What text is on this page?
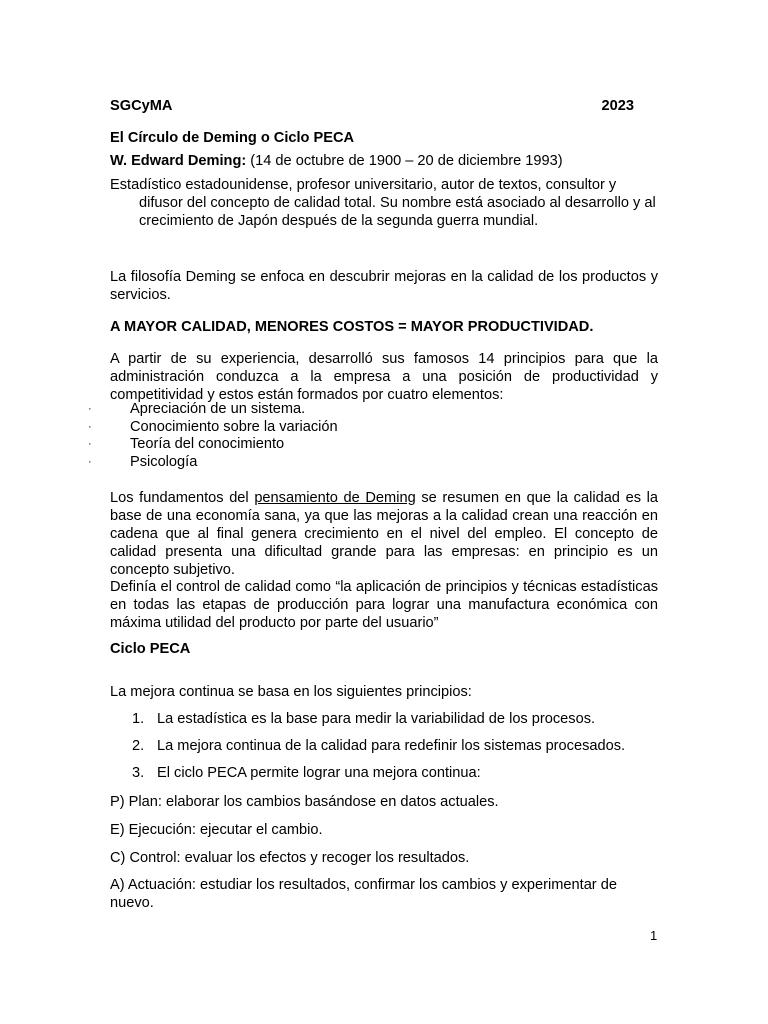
SGCyMA	2023

El Círculo de Deming o Ciclo PECA

W. Edward Deming: (14 de octubre de 1900 – 20 de diciembre 1993)

Estadístico estadounidense, profesor universitario, autor de textos, consultor y difusor del concepto de calidad total. Su nombre está asociado al desarrollo y al crecimiento de Japón después de la segunda guerra mundial.

La filosofía Deming se enfoca en descubrir mejoras en la calidad de los productos y servicios.

A MAYOR CALIDAD, MENORES COSTOS = MAYOR PRODUCTIVIDAD.

A partir de su experiencia, desarrolló sus famosos 14 principios para que la administración conduzca a la empresa a una posición de productividad y competitividad y estos están formados por cuatro elementos:

·	Apreciación de un sistema.
·	Conocimiento sobre la variación
·	Teoría del conocimiento
·	Psicología

Los fundamentos del pensamiento de Deming se resumen en que la calidad es la base de una economía sana, ya que las mejoras a la calidad crean una reacción en cadena que al final genera crecimiento en el nivel del empleo. El concepto de calidad presenta una dificultad grande para las empresas: en principio es un concepto subjetivo.

Definía el control de calidad como “la aplicación de principios y técnicas estadísticas en todas las etapas de producción para lograr una manufactura económica con máxima utilidad del producto por parte del usuario”

Ciclo PECA

La mejora continua se basa en los siguientes principios:

1. La estadística es la base para medir la variabilidad de los procesos.
2. La mejora continua de la calidad para redefinir los sistemas procesados.
3. El ciclo PECA permite lograr una mejora continua:

P) Plan: elaborar los cambios basándose en datos actuales.

E) Ejecución: ejecutar el cambio.

C) Control: evaluar los efectos y recoger los resultados.

A) Actuación: estudiar los resultados, confirmar los cambios y experimentar de nuevo.

1
